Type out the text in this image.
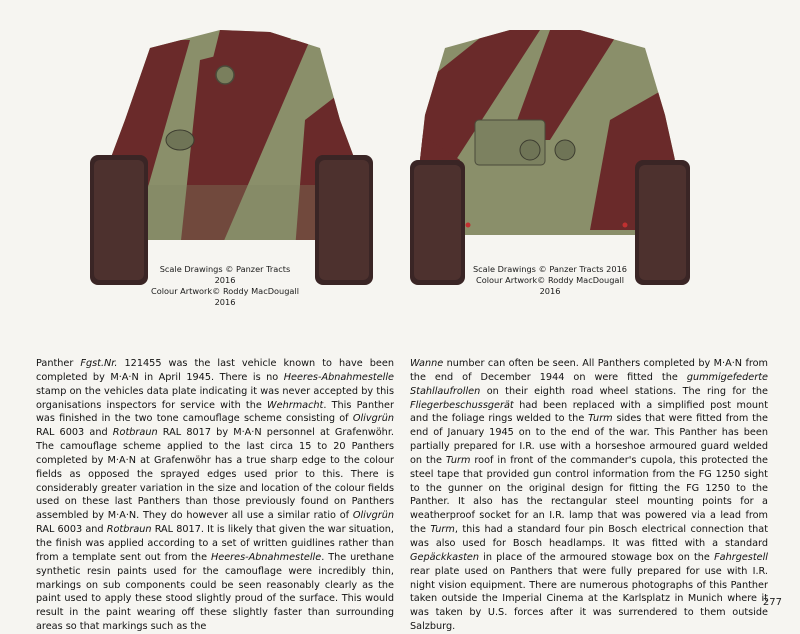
Scale Drawings © Panzer Tracts 2016
Colour Artwork© Roddy MacDougall 2016
Scale Drawings © Panzer Tracts 2016
Colour Artwork© Roddy MacDougall 2016

Panther Fgst.Nr. 121455 was the last vehicle known to have been completed by M·A·N in April 1945. There is no Heeres-Abnahmestelle stamp on the vehicles data plate indicating it was never accepted by this organisations inspectors for service with the Wehrmacht. This Panther was finished in the two tone camouflage scheme consisting of Olivgrün RAL 6003 and Rotbraun RAL 8017 by M·A·N personnel at Grafenwöhr. The camouflage scheme applied to the last circa 15 to 20 Panthers completed by M·A·N at Grafenwöhr has a true sharp edge to the colour fields as opposed the sprayed edges used prior to this. There is considerably greater variation in the size and location of the colour fields used on these last Panthers than those previously found on Panthers assembled by M·A·N. They do however all use a similar ratio of Olivgrün RAL 6003 and Rotbraun RAL 8017. It is likely that given the war situation, the finish was applied according to a set of written guidlines rather than from a template sent out from the Heeres-Abnahmestelle. The urethane synthetic resin paints used for the camouflage were incredibly thin, markings on sub components could be seen reasonably clearly as the paint used to apply these stood slightly proud of the surface. This would result in the paint wearing off these slightly faster than surrounding areas so that markings such as the

Wanne number can often be seen. All Panthers completed by M·A·N from the end of December 1944 on were fitted the gummigefederte Stahllaufrollen on their eighth road wheel stations. The ring for the Fliegerbeschussgerät had been replaced with a simplified post mount and the foliage rings welded to the Turm sides that were fitted from the end of January 1945 on to the end of the war. This Panther has been partially prepared for I.R. use with a horseshoe armoured guard welded on the Turm roof in front of the commander's cupola, this protected the steel tape that provided gun control information from the FG 1250 sight to the gunner on the original design for fitting the FG 1250 to the Panther. It also has the rectangular steel mounting points for a weatherproof socket for an I.R. lamp that was powered via a lead from the Turm, this had a standard four pin Bosch electrical connection that was also used for Bosch headlamps. It was fitted with a standard Gepäckkasten in place of the armoured stowage box on the Fahrgestell rear plate used on Panthers that were fully prepared for use with I.R. night vision equipment. There are numerous photographs of this Panther taken outside the Imperial Cinema at the Karlsplatz in Munich where it was taken by U.S. forces after it was surrendered to them outside Salzburg.

277
